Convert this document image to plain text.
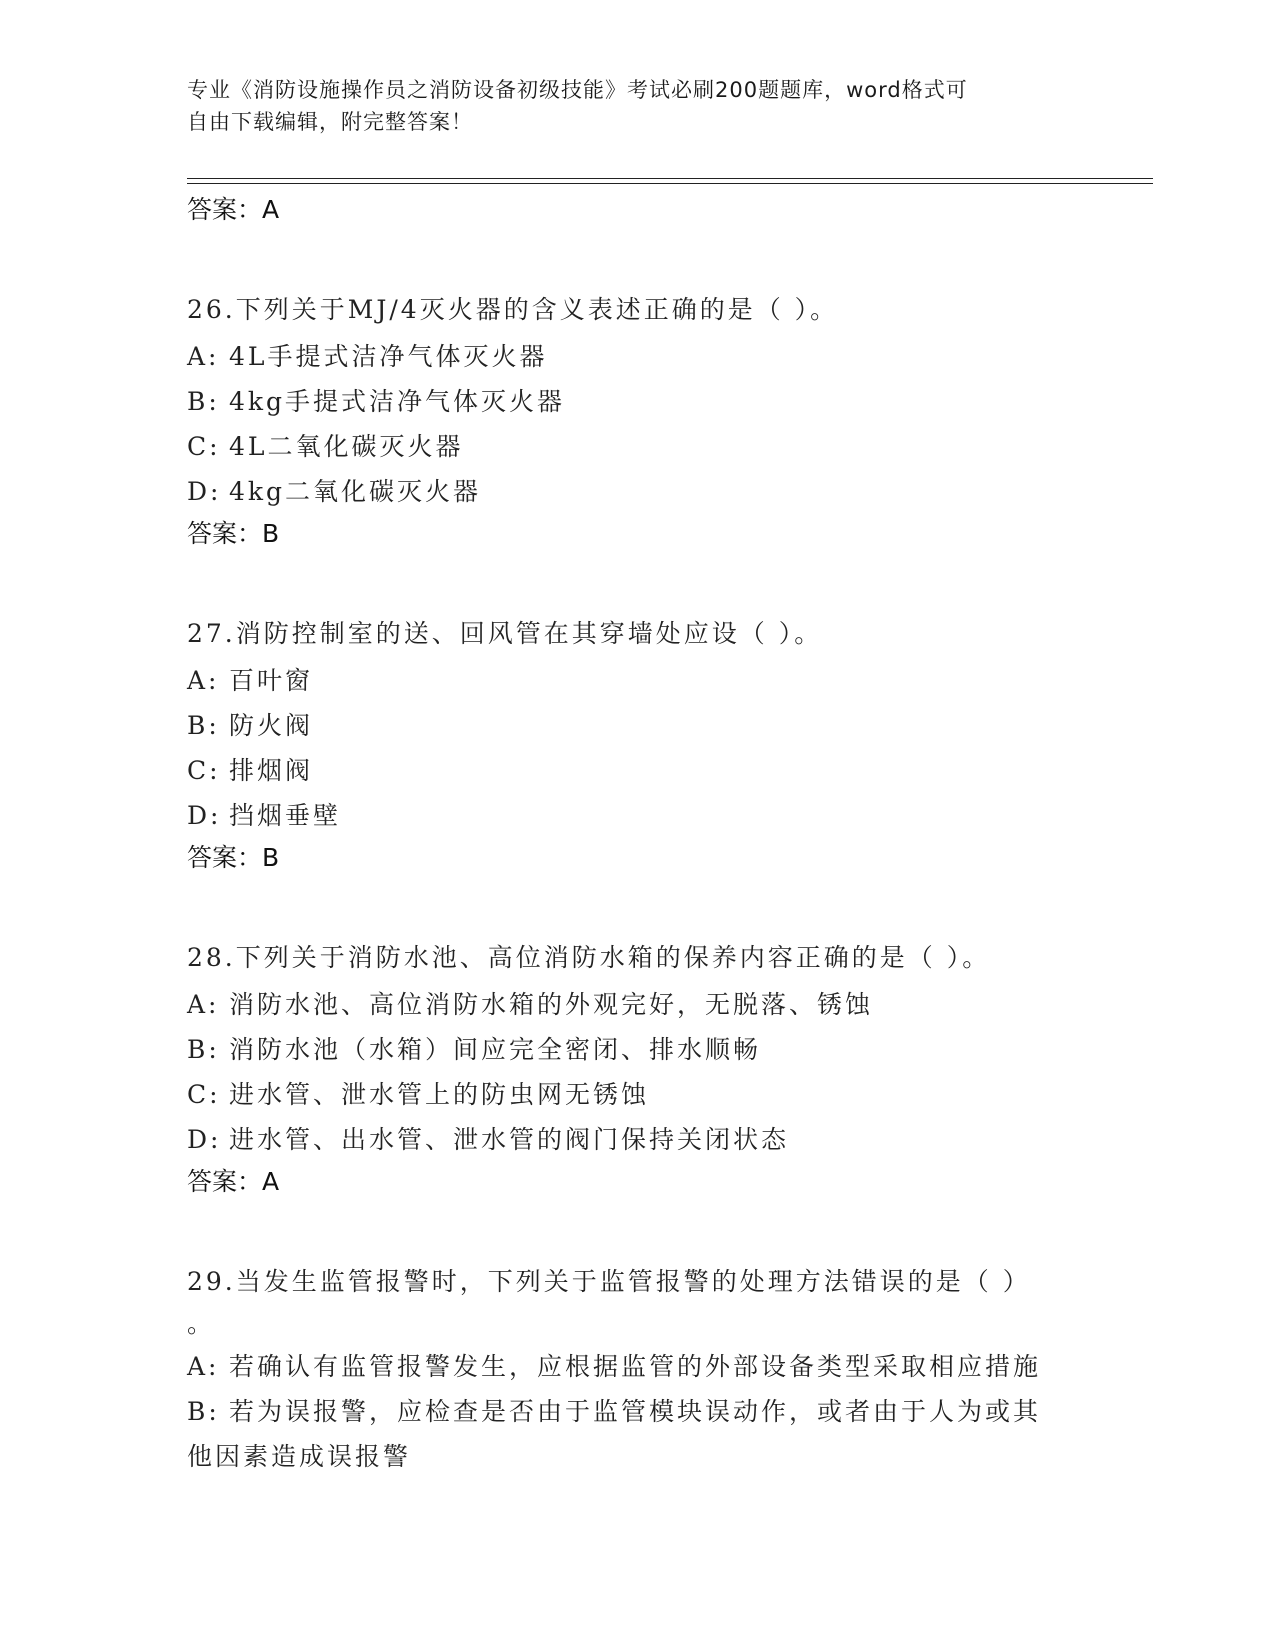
专业《消防设施操作员之消防设备初级技能》考试必刷200题题库，word格式可
自由下载编辑，附完整答案！
答案：A
26.下列关于MJ/4灭火器的含义表述正确的是（ ）。
A: 4L手提式洁净气体灭火器
B: 4kg手提式洁净气体灭火器
C: 4L二氧化碳灭火器
D: 4kg二氧化碳灭火器
答案：B
27.消防控制室的送、回风管在其穿墙处应设（ ）。
A: 百叶窗
B: 防火阀
C: 排烟阀
D: 挡烟垂壁
答案：B
28.下列关于消防水池、高位消防水箱的保养内容正确的是（ ）。
A: 消防水池、高位消防水箱的外观完好，无脱落、锈蚀
B: 消防水池（水箱）间应完全密闭、排水顺畅
C: 进水管、泄水管上的防虫网无锈蚀
D: 进水管、出水管、泄水管的阀门保持关闭状态
答案：A
29.当发生监管报警时，下列关于监管报警的处理方法错误的是（ ）
。
A: 若确认有监管报警发生，应根据监管的外部设备类型采取相应措施
B: 若为误报警，应检查是否由于监管模块误动作，或者由于人为或其
他因素造成误报警
